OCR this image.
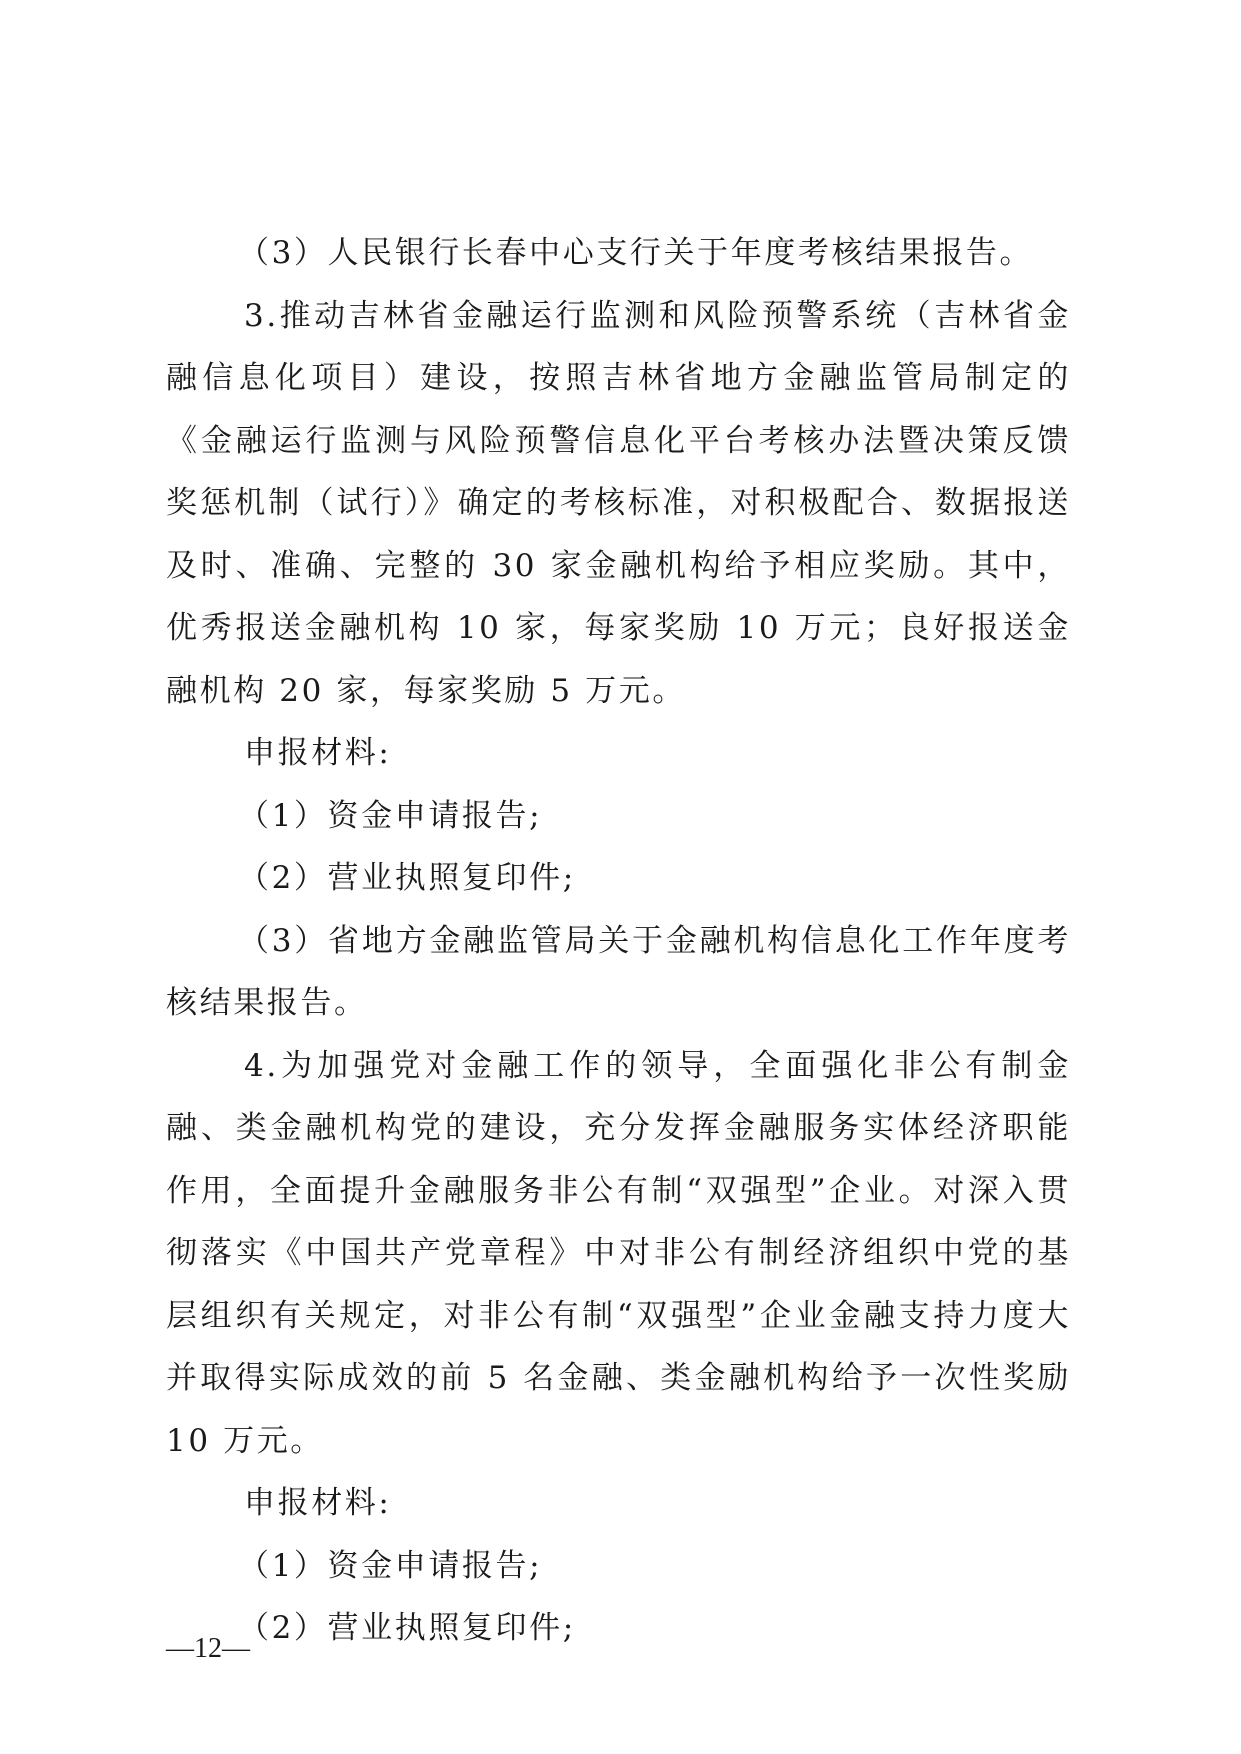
（3）人民银行长春中心支行关于年度考核结果报告。

3.推动吉林省金融运行监测和风险预警系统（吉林省金融信息化项目）建设，按照吉林省地方金融监管局制定的《金融运行监测与风险预警信息化平台考核办法暨决策反馈奖惩机制（试行）》确定的考核标准，对积极配合、数据报送及时、准确、完整的 30 家金融机构给予相应奖励。其中，优秀报送金融机构 10 家，每家奖励 10 万元；良好报送金融机构 20 家，每家奖励 5 万元。

申报材料:

（1）资金申请报告;

（2）营业执照复印件;

（3）省地方金融监管局关于金融机构信息化工作年度考核结果报告。

4.为加强党对金融工作的领导，全面强化非公有制金融、类金融机构党的建设，充分发挥金融服务实体经济职能作用，全面提升金融服务非公有制“双强型”企业。对深入贯彻落实《中国共产党章程》中对非公有制经济组织中党的基层组织有关规定，对非公有制“双强型”企业金融支持力度大并取得实际成效的前 5 名金融、类金融机构给予一次性奖励 10 万元。

申报材料:

（1）资金申请报告;

（2）营业执照复印件;

—12—
